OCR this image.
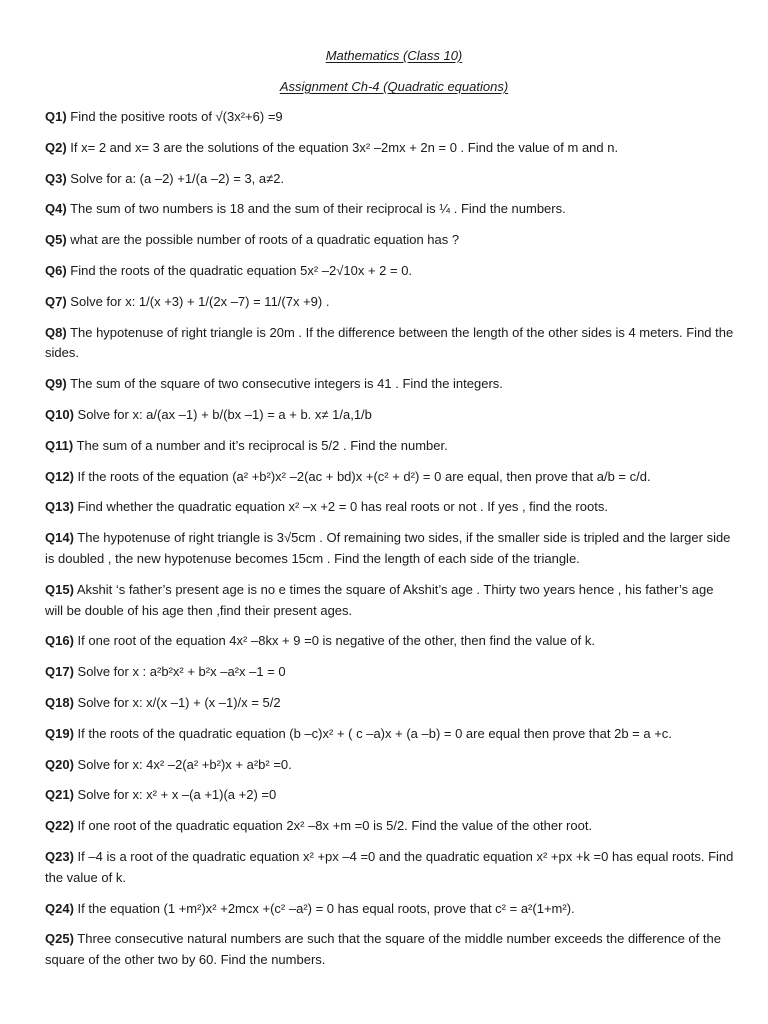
Mathematics (Class 10)
Assignment Ch-4 (Quadratic equations)
Q1) Find the positive roots of √(3x²+6) =9
Q2) If x= 2 and x= 3 are the solutions of the equation 3x² –2mx + 2n = 0 . Find the value of m and n.
Q3) Solve for a: (a –2) +1/(a –2) = 3, a≠2.
Q4) The sum of two numbers is 18 and the sum of their reciprocal is ¼ . Find the numbers.
Q5) what are the possible number of roots of a quadratic equation has ?
Q6) Find the roots of the quadratic equation 5x² –2√10x + 2 = 0.
Q7) Solve for x: 1/(x +3) + 1/(2x –7) = 11/(7x +9) .
Q8) The hypotenuse of right triangle is 20m . If the difference between the length of the other sides is 4 meters. Find the sides.
Q9) The sum of the square of two consecutive integers is 41 . Find the integers.
Q10) Solve for x: a/(ax –1) + b/(bx –1) = a + b. x≠ 1/a,1/b
Q11) The sum of a number and it’s reciprocal is 5/2 . Find the number.
Q12) If the roots of the equation (a² +b²)x² –2(ac + bd)x +(c² + d²) = 0 are equal, then prove that a/b = c/d.
Q13) Find whether the quadratic equation x² –x +2 = 0 has real roots or not . If yes , find the roots.
Q14) The hypotenuse of right triangle is 3√5cm . Of remaining two sides, if the smaller side is tripled and the larger side is doubled , the new hypotenuse becomes 15cm . Find the length of each side of the triangle.
Q15) Akshit ‘s father’s present age is no e times the square of Akshit’s age . Thirty two years hence , his father’s age will be double of his age then ,find their present ages.
Q16) If one root of the equation 4x² –8kx + 9 =0 is negative of the other, then find the value of k.
Q17) Solve for x : a²b²x² + b²x –a²x –1 = 0
Q18) Solve for x: x/(x –1) + (x –1)/x = 5/2
Q19) If the roots of the quadratic equation (b –c)x² + ( c –a)x + (a –b) = 0 are equal then prove that 2b = a +c.
Q20) Solve for x: 4x² –2(a² +b²)x + a²b² =0.
Q21) Solve for x: x² + x –(a +1)(a +2) =0
Q22) If one root of the quadratic equation 2x² –8x +m =0 is 5/2. Find the value of the other root.
Q23) If –4 is a root of the quadratic equation x² +px –4 =0 and the quadratic equation x² +px +k =0 has equal roots. Find the value of k.
Q24) If the equation (1 +m²)x² +2mcx +(c² –a²) = 0 has equal roots, prove that c² = a²(1+m²).
Q25) Three consecutive natural numbers are such that the square of the middle number exceeds the difference of the square of the other two by 60. Find the numbers.
